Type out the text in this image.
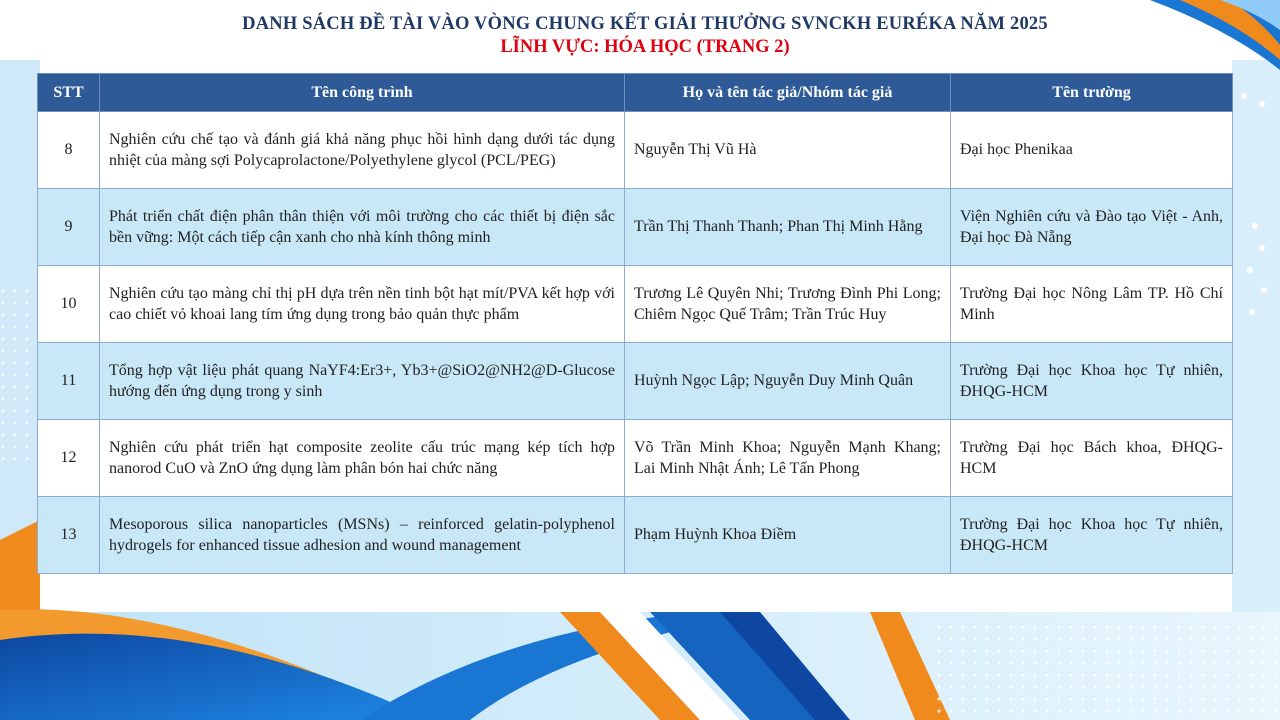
DANH SÁCH ĐỀ TÀI VÀO VÒNG CHUNG KẾT GIẢI THƯỞNG SVNCKH EURÉKA NĂM 2025
LĨNH VỰC: HÓA HỌC (TRANG 2)
STT	Tên công trình	Họ và tên tác giả/Nhóm tác giả	Tên trường
8	Nghiên cứu chế tạo và đánh giá khả năng phục hồi hình dạng dưới tác dụng nhiệt của màng sợi Polycaprolactone/Polyethylene glycol (PCL/PEG)	Nguyễn Thị Vũ Hà	Đại học Phenikaa
9	Phát triển chất điện phân thân thiện với môi trường cho các thiết bị điện sắc bền vững: Một cách tiếp cận xanh cho nhà kính thông minh	Trần Thị Thanh Thanh; Phan Thị Minh Hằng	Viện Nghiên cứu và Đào tạo Việt - Anh, Đại học Đà Nẵng
10	Nghiên cứu tạo màng chỉ thị pH dựa trên nền tinh bột hạt mít/PVA kết hợp với cao chiết vỏ khoai lang tím ứng dụng trong bảo quản thực phẩm	Trương Lê Quyên Nhi; Trương Đình Phi Long; Chiêm Ngọc Quế Trâm; Trần Trúc Huy	Trường Đại học Nông Lâm TP. Hồ Chí Minh
11	Tổng hợp vật liệu phát quang NaYF4:Er3+, Yb3+@SiO2@NH2@D-Glucose hướng đến ứng dụng trong y sinh	Huỳnh Ngọc Lập; Nguyễn Duy Minh Quân	Trường Đại học Khoa học Tự nhiên, ĐHQG-HCM
12	Nghiên cứu phát triển hạt composite zeolite cấu trúc mạng kép tích hợp nanorod CuO và ZnO ứng dụng làm phân bón hai chức năng	Võ Trần Minh Khoa; Nguyễn Mạnh Khang; Lai Minh Nhật Ánh; Lê Tấn Phong	Trường Đại học Bách khoa, ĐHQG-HCM
13	Mesoporous silica nanoparticles (MSNs) – reinforced gelatin-polyphenol hydrogels for enhanced tissue adhesion and wound management	Phạm Huỳnh Khoa Điềm	Trường Đại học Khoa học Tự nhiên, ĐHQG-HCM
